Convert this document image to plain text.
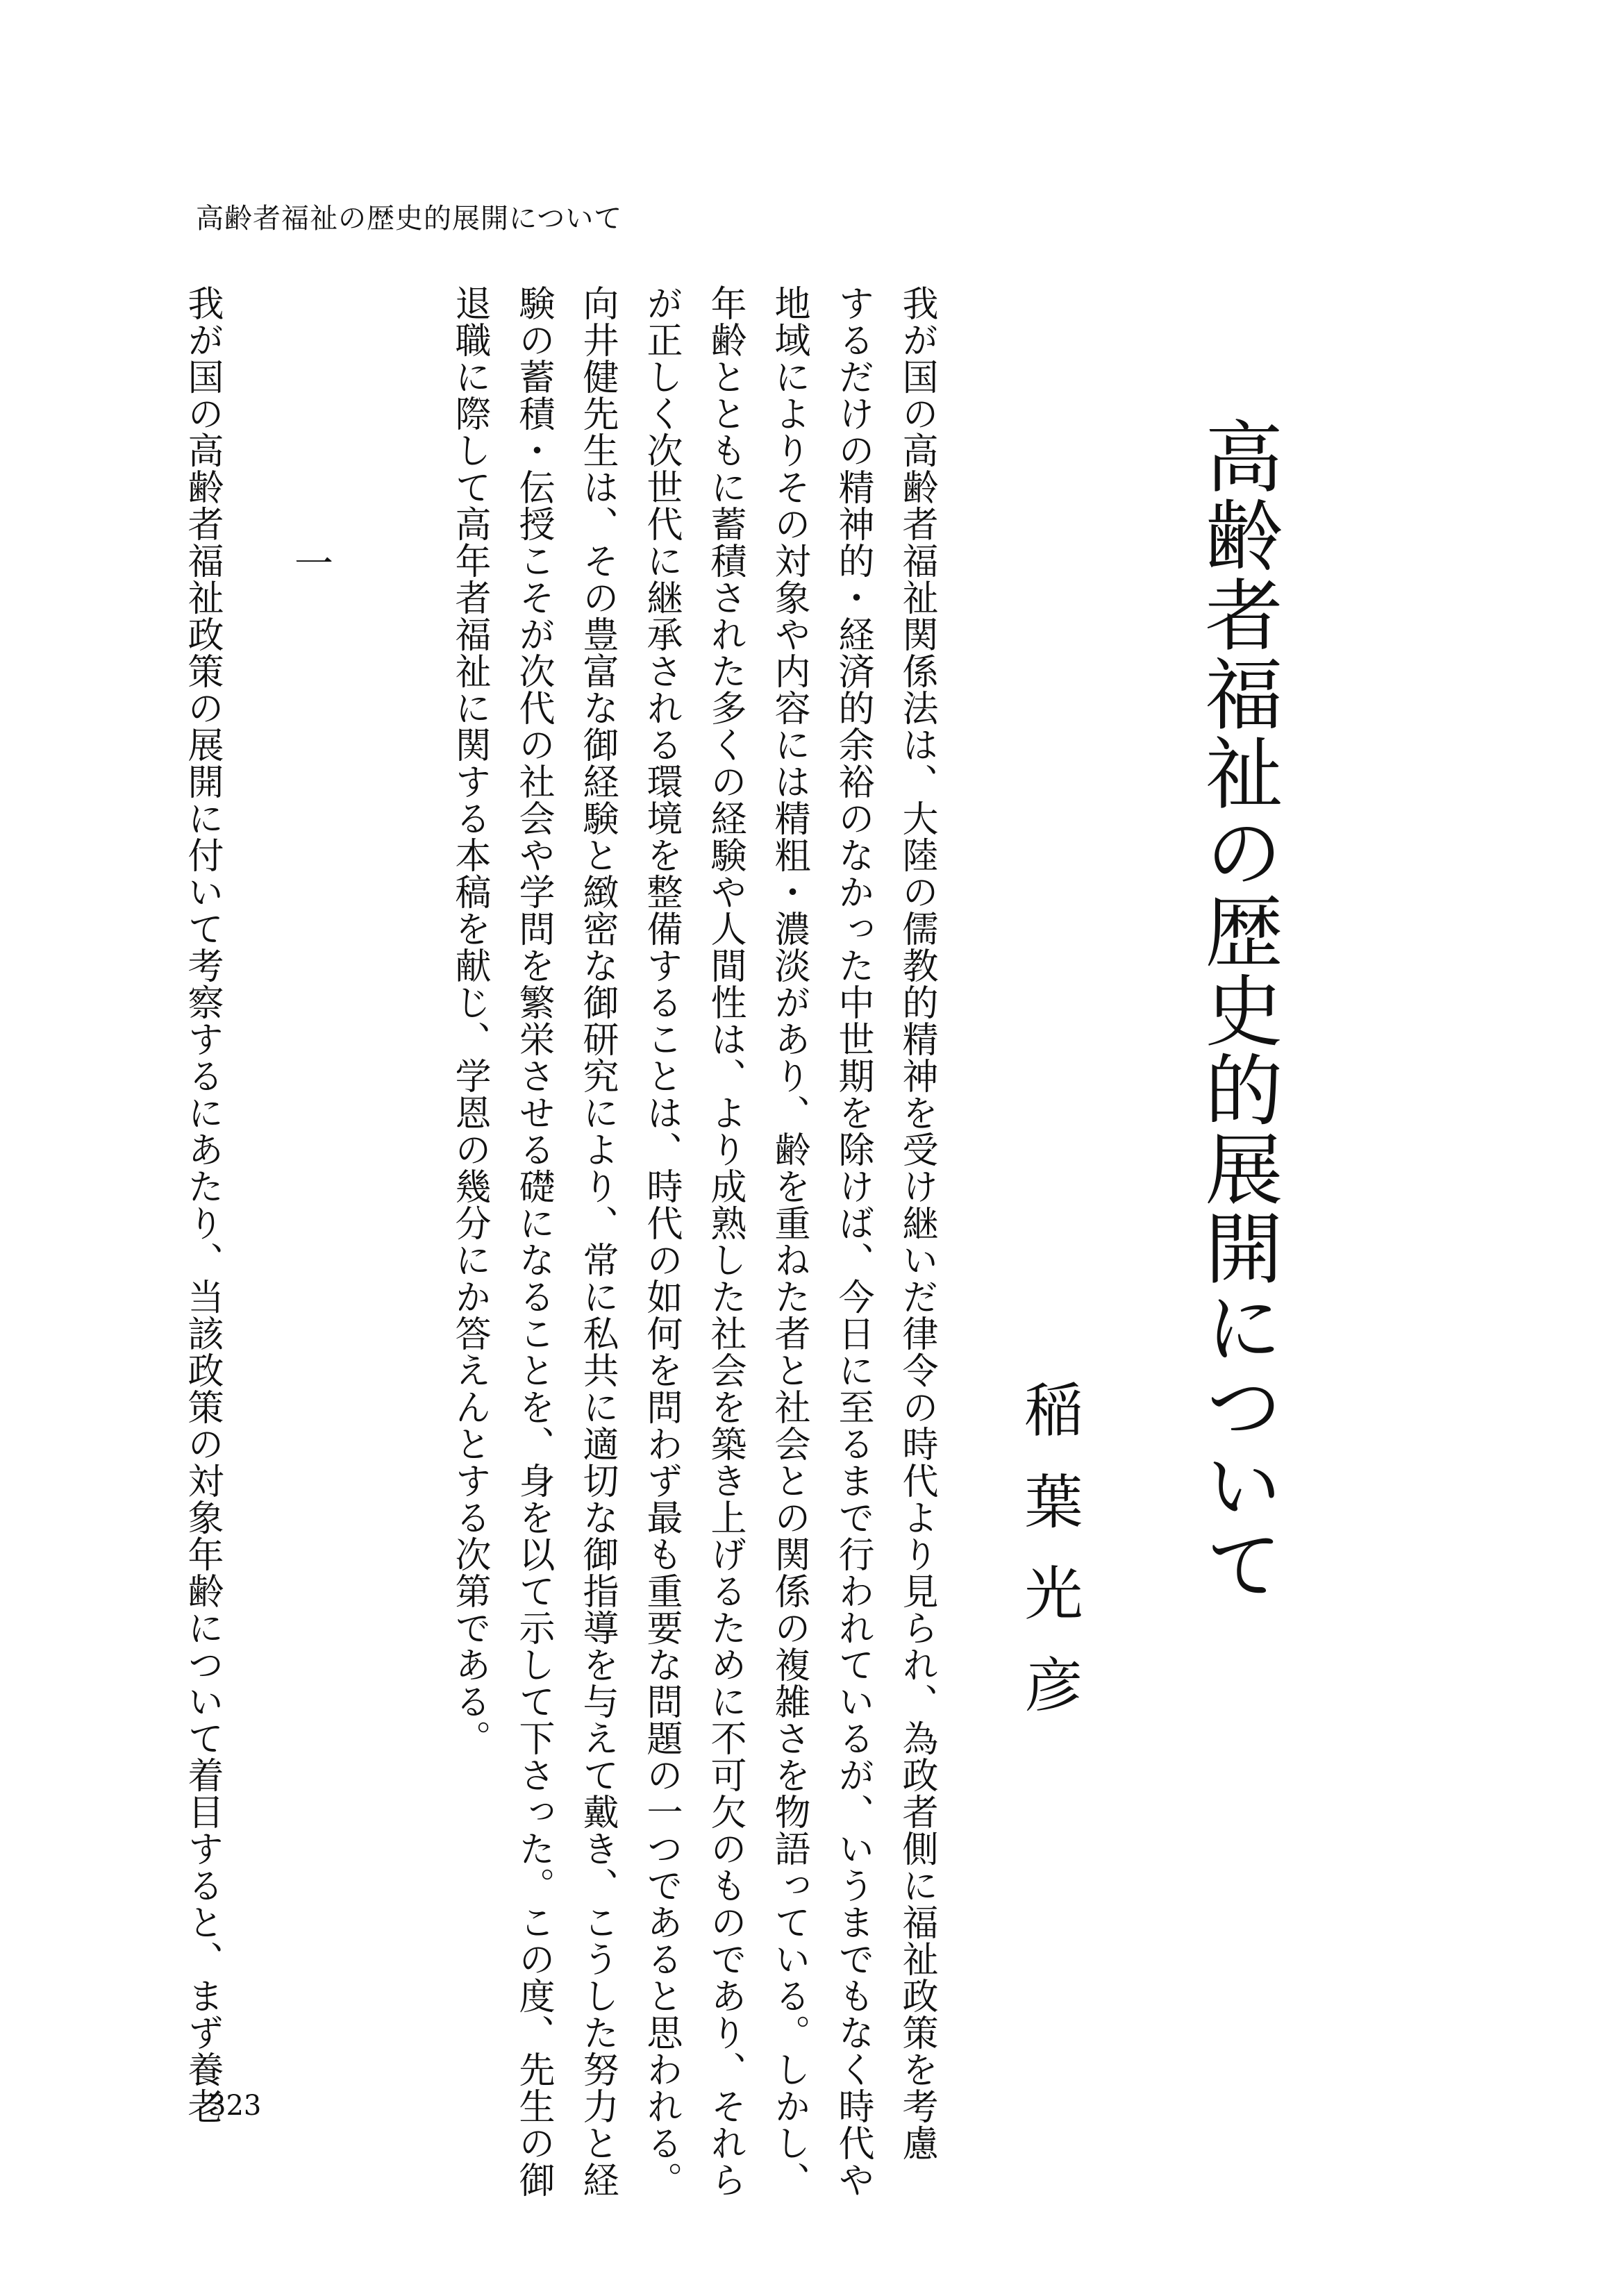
高齢者福祉の歴史的展開について
高齢者福祉の歴史的展開について
稲葉光彦
我が国の高齢者福祉関係法は、大陸の儒教的精神を受け継いだ律令の時代より見られ、為政者側に福祉政策を考慮
するだけの精神的・経済的余裕のなかった中世期を除けば、今日に至るまで行われているが、いうまでもなく時代や
地域によりその対象や内容には精粗・濃淡があり、齢を重ねた者と社会との関係の複雑さを物語っている。しかし、
年齢とともに蓄積された多くの経験や人間性は、より成熟した社会を築き上げるために不可欠のものであり、それら
が正しく次世代に継承される環境を整備することは、時代の如何を問わず最も重要な問題の一つであると思われる。
向井健先生は、その豊富な御経験と緻密な御研究により、常に私共に適切な御指導を与えて戴き、こうした努力と経
験の蓄積・伝授こそが次代の社会や学問を繁栄させる礎になることを、身を以て示して下さった。この度、先生の御
退職に際して高年者福祉に関する本稿を献じ、学恩の幾分にか答えんとする次第である。
一
我が国の高齢者福祉政策の展開に付いて考察するにあたり、当該政策の対象年齢について着目すると、まず養老
323
